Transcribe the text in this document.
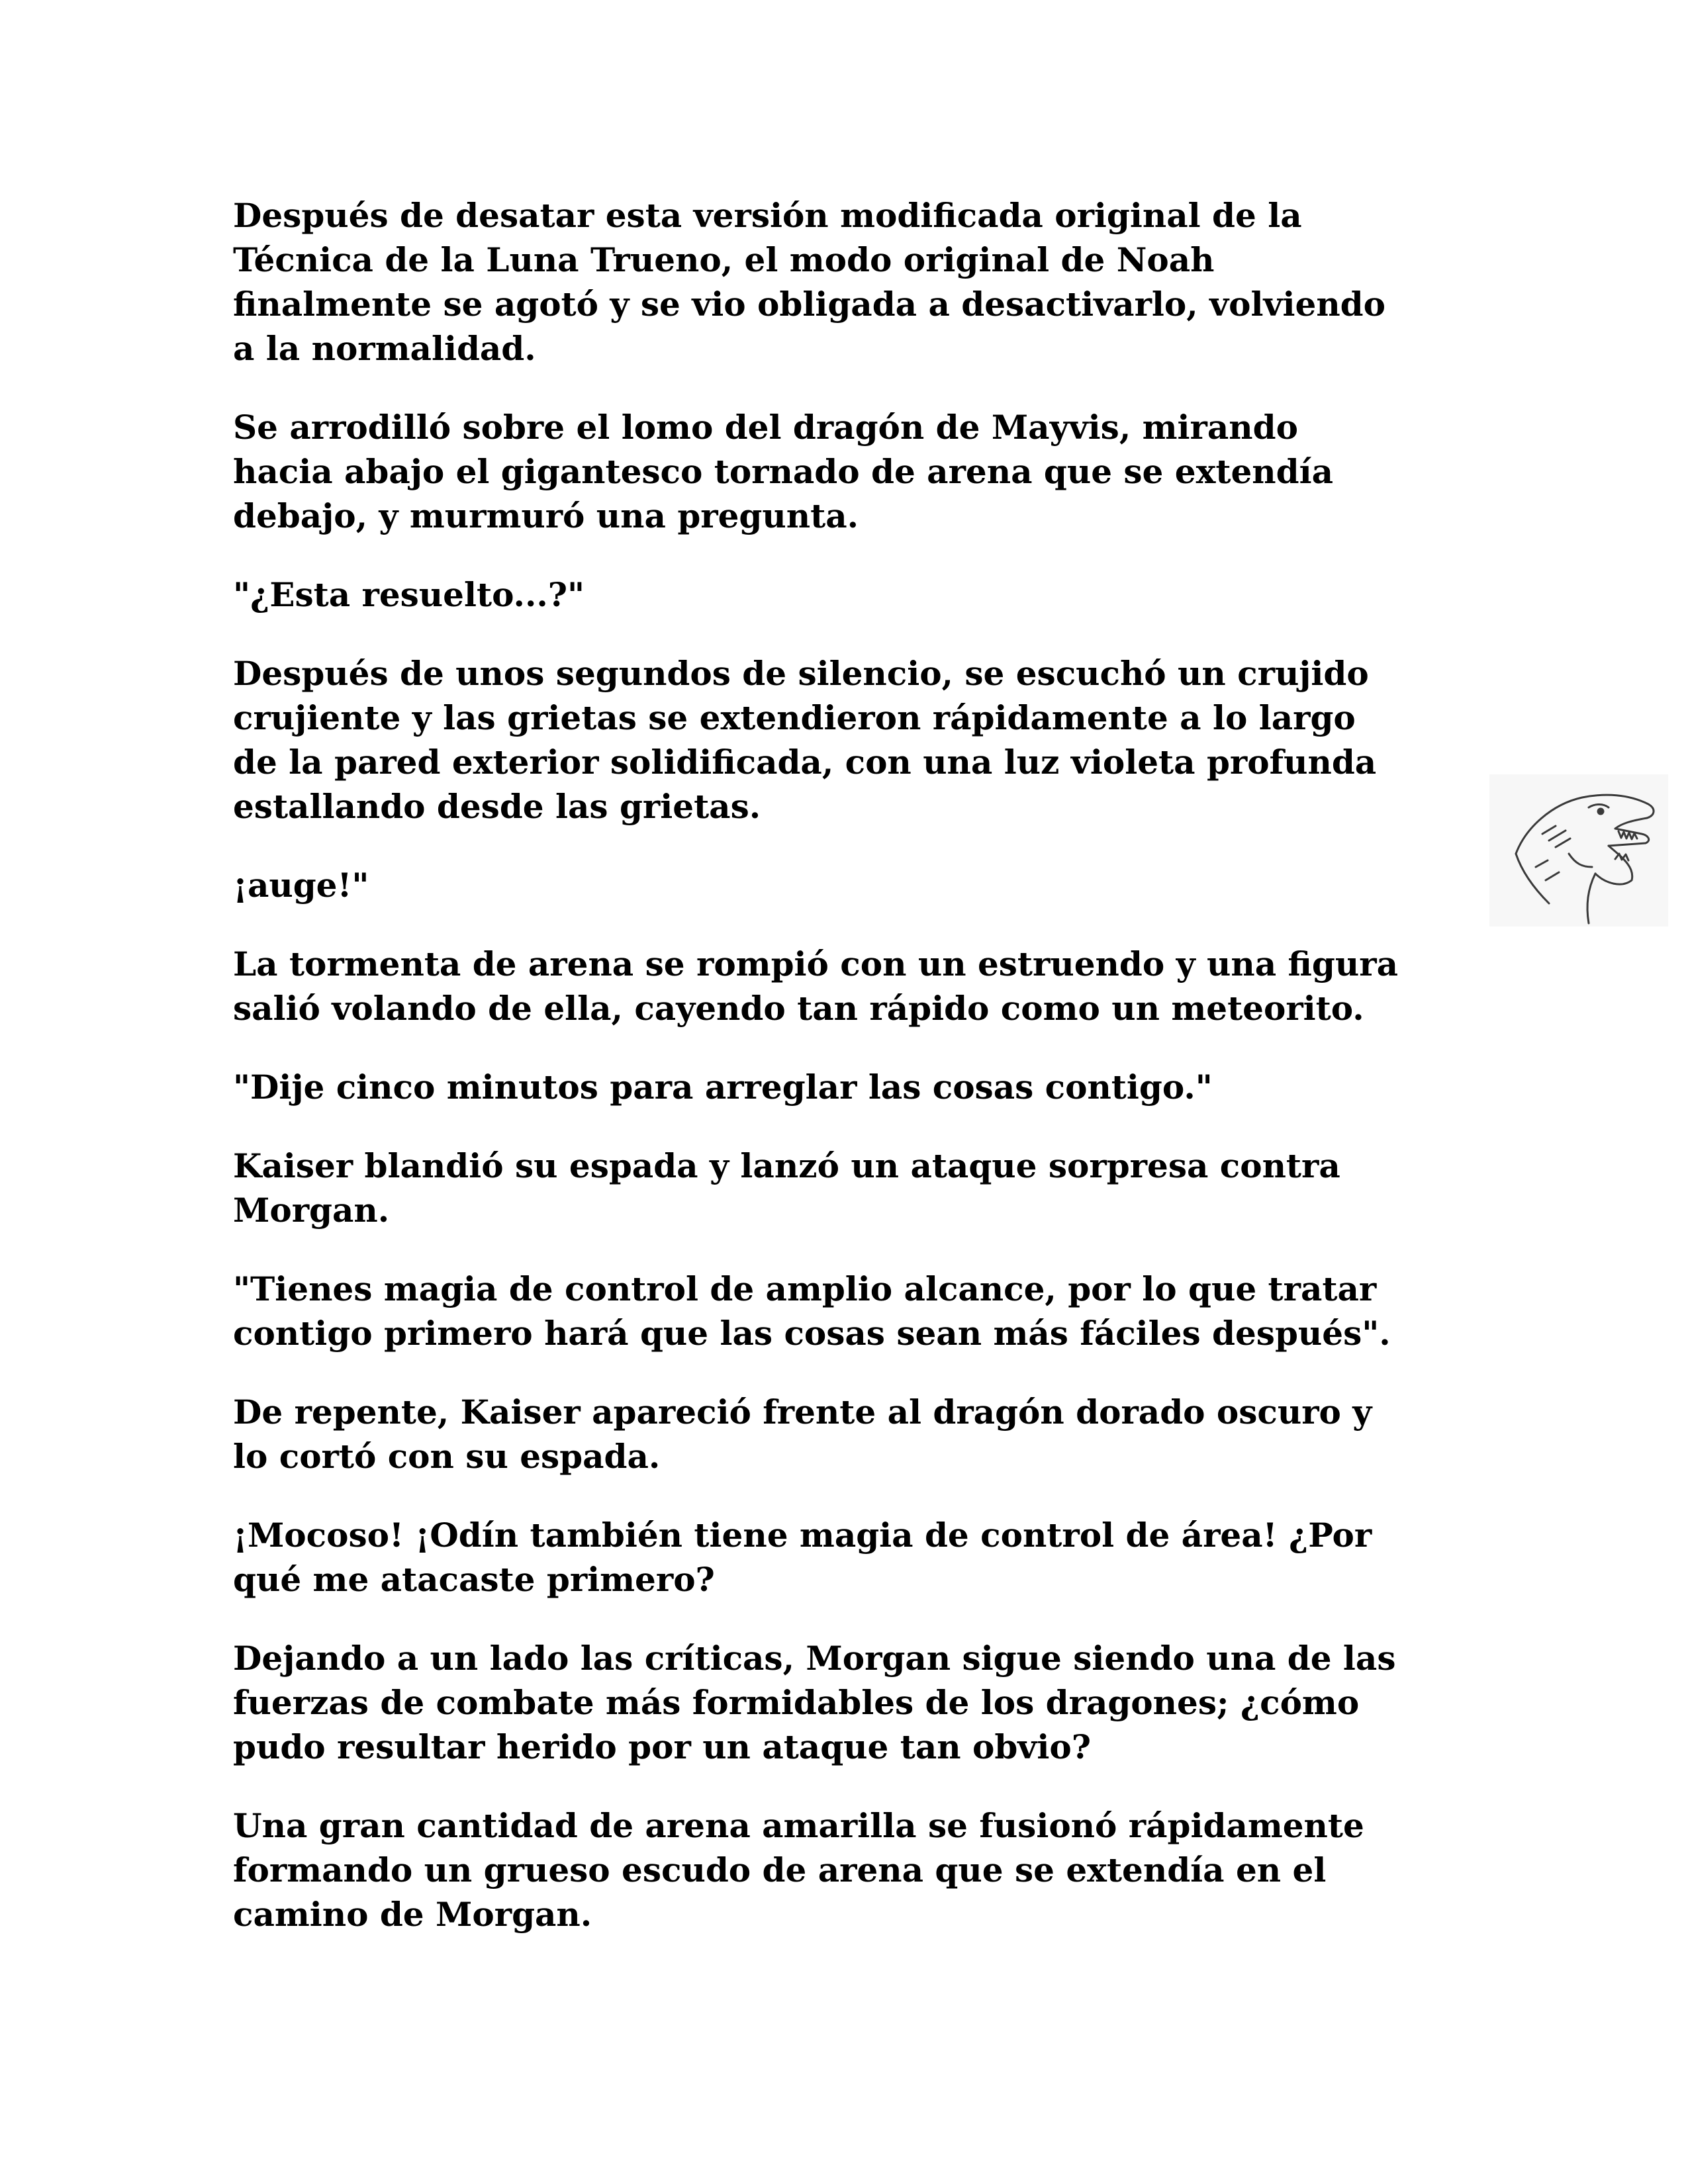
Después de desatar esta versión modificada original de la
Técnica de la Luna Trueno, el modo original de Noah
finalmente se agotó y se vio obligada a desactivarlo, volviendo
a la normalidad.

Se arrodilló sobre el lomo del dragón de Mayvis, mirando
hacia abajo el gigantesco tornado de arena que se extendía
debajo, y murmuró una pregunta.

"¿Esta resuelto...?"

Después de unos segundos de silencio, se escuchó un crujido
crujiente y las grietas se extendieron rápidamente a lo largo
de la pared exterior solidificada, con una luz violeta profunda
estallando desde las grietas.

¡auge!"

La tormenta de arena se rompió con un estruendo y una figura
salió volando de ella, cayendo tan rápido como un meteorito.

"Dije cinco minutos para arreglar las cosas contigo."

Kaiser blandió su espada y lanzó un ataque sorpresa contra
Morgan.

"Tienes magia de control de amplio alcance, por lo que tratar
contigo primero hará que las cosas sean más fáciles después".

De repente, Kaiser apareció frente al dragón dorado oscuro y
lo cortó con su espada.

¡Mocoso! ¡Odín también tiene magia de control de área! ¿Por
qué me atacaste primero?

Dejando a un lado las críticas, Morgan sigue siendo una de las
fuerzas de combate más formidables de los dragones; ¿cómo
pudo resultar herido por un ataque tan obvio?

Una gran cantidad de arena amarilla se fusionó rápidamente
formando un grueso escudo de arena que se extendía en el
camino de Morgan.
